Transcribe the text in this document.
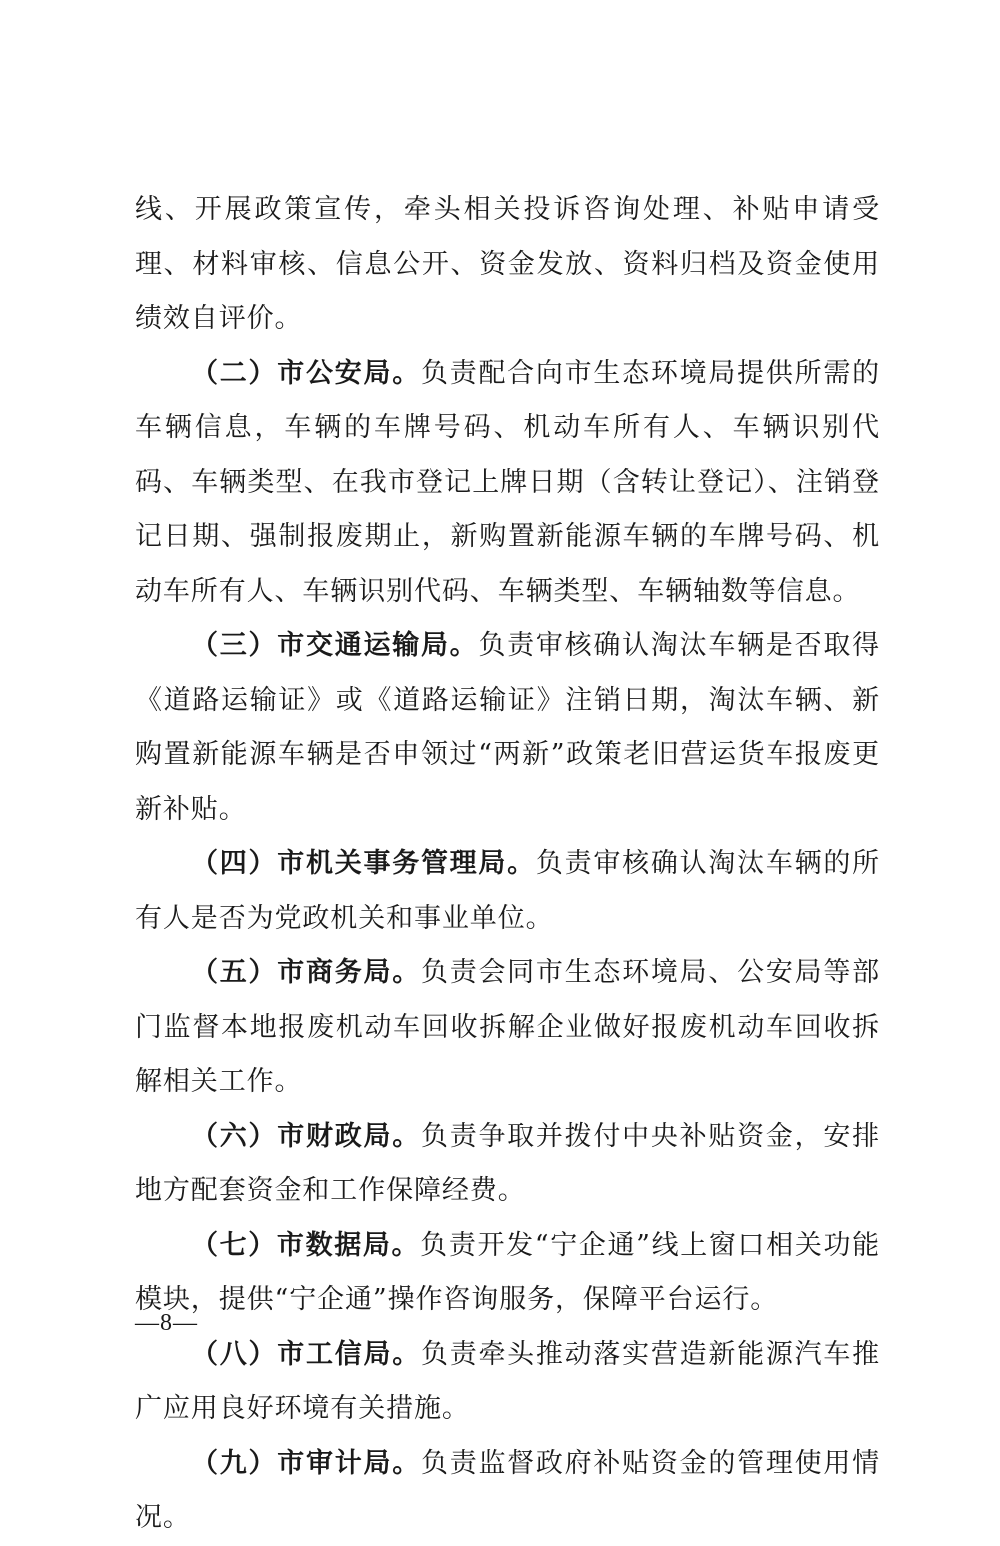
线、开展政策宣传，牵头相关投诉咨询处理、补贴申请受理、材料审核、信息公开、资金发放、资料归档及资金使用绩效自评价。

（二）市公安局。负责配合向市生态环境局提供所需的车辆信息，车辆的车牌号码、机动车所有人、车辆识别代码、车辆类型、在我市登记上牌日期（含转让登记）、注销登记日期、强制报废期止，新购置新能源车辆的车牌号码、机动车所有人、车辆识别代码、车辆类型、车辆轴数等信息。

（三）市交通运输局。负责审核确认淘汰车辆是否取得《道路运输证》或《道路运输证》注销日期，淘汰车辆、新购置新能源车辆是否申领过“两新”政策老旧营运货车报废更新补贴。

（四）市机关事务管理局。负责审核确认淘汰车辆的所有人是否为党政机关和事业单位。

（五）市商务局。负责会同市生态环境局、公安局等部门监督本地报废机动车回收拆解企业做好报废机动车回收拆解相关工作。

（六）市财政局。负责争取并拨付中央补贴资金，安排地方配套资金和工作保障经费。

（七）市数据局。负责开发“宁企通”线上窗口相关功能模块，提供“宁企通”操作咨询服务，保障平台运行。

（八）市工信局。负责牵头推动落实营造新能源汽车推广应用良好环境有关措施。

（九）市审计局。负责监督政府补贴资金的管理使用情况。

—8—
